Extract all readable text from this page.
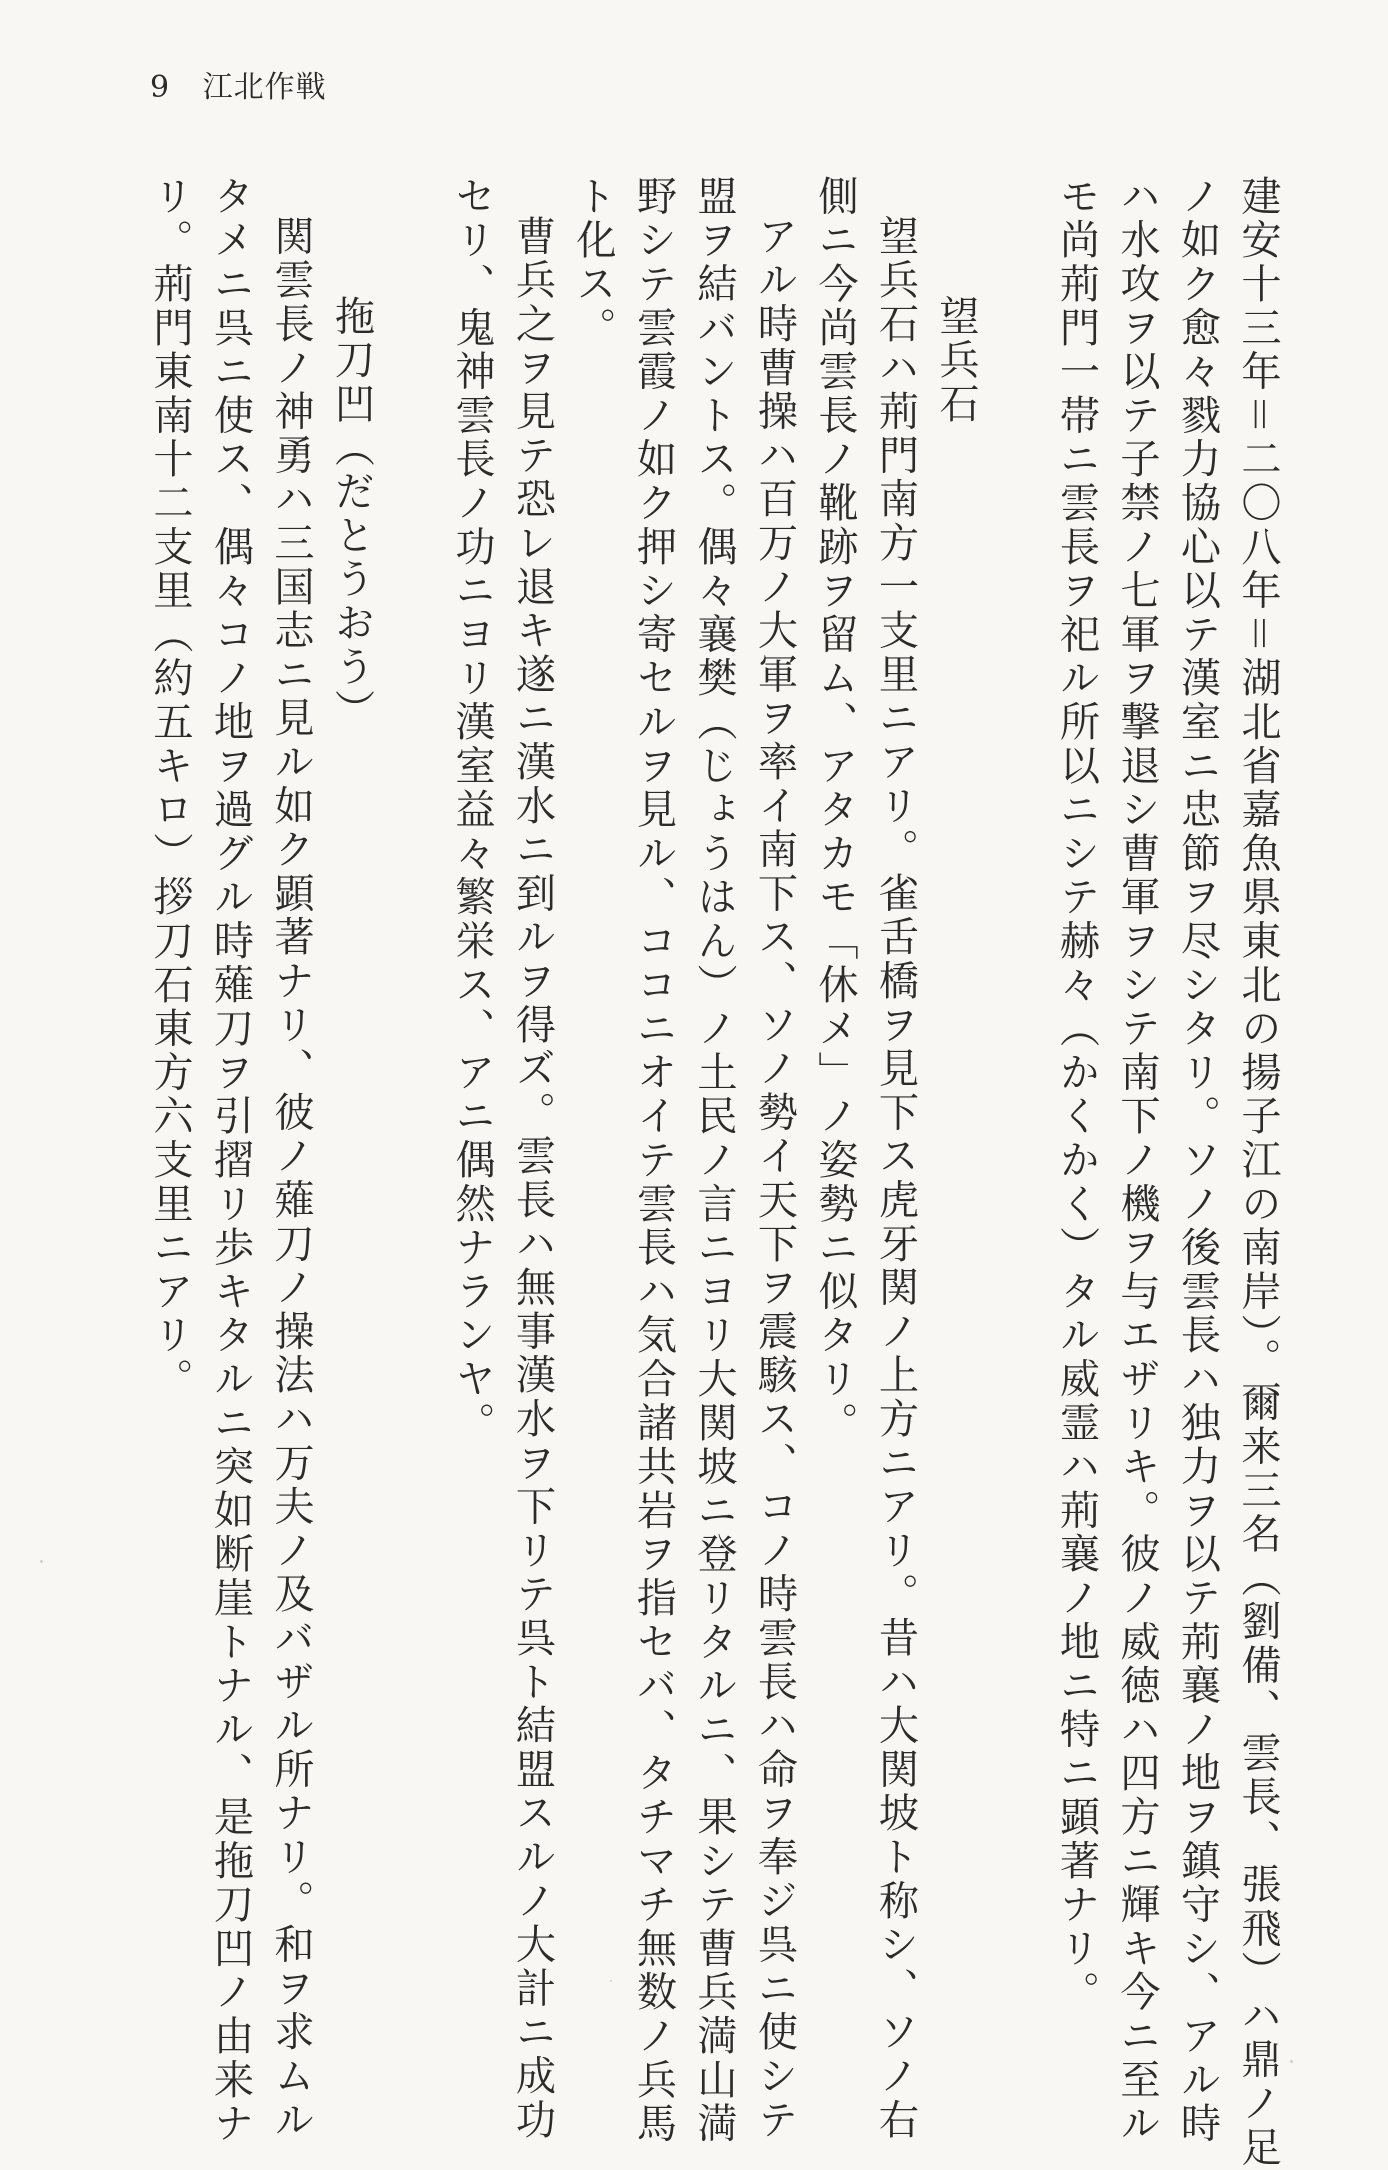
9 江北作戦
建安十三年＝二〇八年＝湖北省嘉魚県東北の揚子江の南岸）。爾来三名（劉備、雲長、張飛）ハ鼎ノ足
ノ如ク愈々戮力協心以テ漢室ニ忠節ヲ尽シタリ。ソノ後雲長ハ独力ヲ以テ荊襄ノ地ヲ鎮守シ、アル時
ハ水攻ヲ以テ子禁ノ七軍ヲ撃退シ曹軍ヲシテ南下ノ機ヲ与エザリキ。彼ノ威徳ハ四方ニ輝キ今ニ至ル
モ尚荊門一帯ニ雲長ヲ祀ル所以ニシテ赫々（かくかく）タル威霊ハ荊襄ノ地ニ特ニ顕著ナリ。
望兵石
望兵石ハ荊門南方一支里ニアリ。雀舌橋ヲ見下ス虎牙関ノ上方ニアリ。昔ハ大関坡ト称シ、ソノ右
側ニ今尚雲長ノ靴跡ヲ留ム、アタカモ「休メ」ノ姿勢ニ似タリ。
アル時曹操ハ百万ノ大軍ヲ率イ南下ス、ソノ勢イ天下ヲ震駭ス、コノ時雲長ハ命ヲ奉ジ呉ニ使シテ
盟ヲ結バントス。偶々襄樊（じょうはん）ノ土民ノ言ニヨリ大関坡ニ登リタルニ、果シテ曹兵満山満
野シテ雲霞ノ如ク押シ寄セルヲ見ル、ココニオイテ雲長ハ気合諸共岩ヲ指セバ、タチマチ無数ノ兵馬
ト化ス。
曹兵之ヲ見テ恐レ退キ遂ニ漢水ニ到ルヲ得ズ。雲長ハ無事漢水ヲ下リテ呉ト結盟スルノ大計ニ成功
セリ、鬼神雲長ノ功ニヨリ漢室益々繁栄ス、アニ偶然ナランヤ。
拖刀凹（だとうおう）
関雲長ノ神勇ハ三国志ニ見ル如ク顕著ナリ、彼ノ薙刀ノ操法ハ万夫ノ及バザル所ナリ。和ヲ求ムル
タメニ呉ニ使ス、偶々コノ地ヲ過グル時薙刀ヲ引摺リ歩キタルニ突如断崖トナル、是拖刀凹ノ由来ナ
リ。荊門東南十二支里（約五キロ）拶刀石東方六支里ニアリ。
